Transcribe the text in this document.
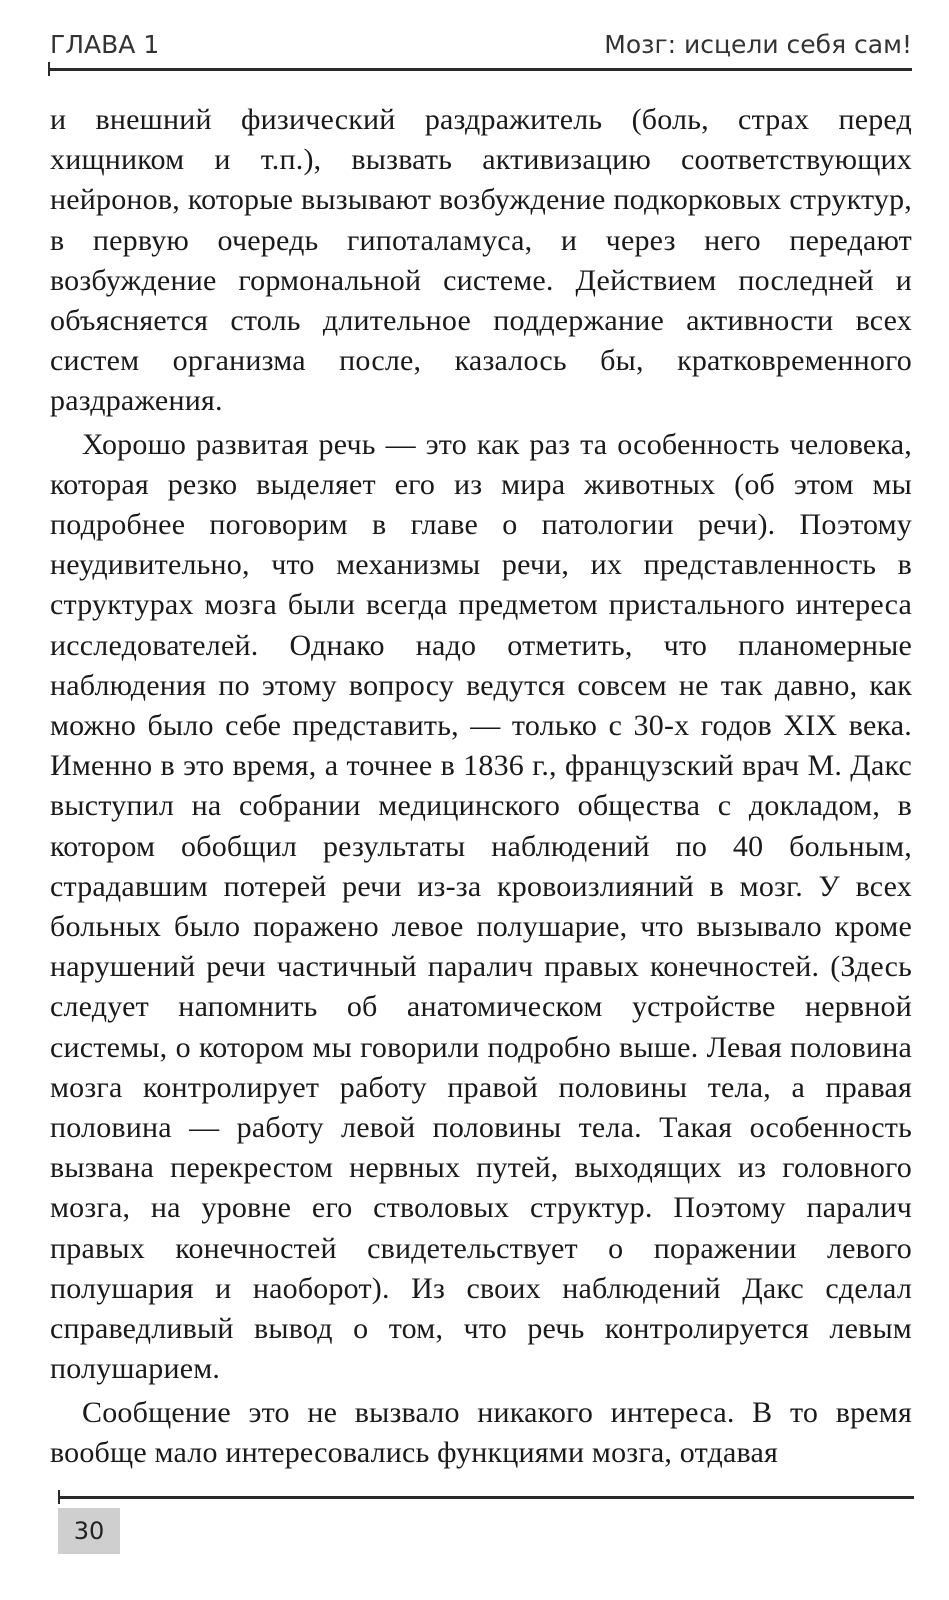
ГЛАВА 1	Мозг: исцели себя сам!

и внешний физический раздражитель (боль, страх перед хищником и т.п.), вызвать активизацию соответствующих нейронов, которые вызывают возбуждение подкорковых структур, в первую очередь гипоталамуса, и через него передают возбуждение гормональной системе. Действием последней и объясняется столь длительное поддержание активности всех систем организма после, казалось бы, кратковременного раздражения.

Хорошо развитая речь — это как раз та особенность человека, которая резко выделяет его из мира животных (об этом мы подробнее поговорим в главе о патологии речи). Поэтому неудивительно, что механизмы речи, их представленность в структурах мозга были всегда предметом пристального интереса исследователей. Однако надо отметить, что планомерные наблюдения по этому вопросу ведутся совсем не так давно, как можно было себе представить, — только с 30-х годов XIX века. Именно в это время, а точнее в 1836 г., французский врач М. Дакс выступил на собрании медицинского общества с докладом, в котором обобщил результаты наблюдений по 40 больным, страдавшим потерей речи из-за кровоизлияний в мозг. У всех больных было поражено левое полушарие, что вызывало кроме нарушений речи частичный паралич правых конечностей. (Здесь следует напомнить об анатомическом устройстве нервной системы, о котором мы говорили подробно выше. Левая половина мозга контролирует работу правой половины тела, а правая половина — работу левой половины тела. Такая особенность вызвана перекрестом нервных путей, выходящих из головного мозга, на уровне его стволовых структур. Поэтому паралич правых конечностей свидетельствует о поражении левого полушария и наоборот). Из своих наблюдений Дакс сделал справедливый вывод о том, что речь контролируется левым полушарием.

Сообщение это не вызвало никакого интереса. В то время вообще мало интересовались функциями мозга, отдавая

30
